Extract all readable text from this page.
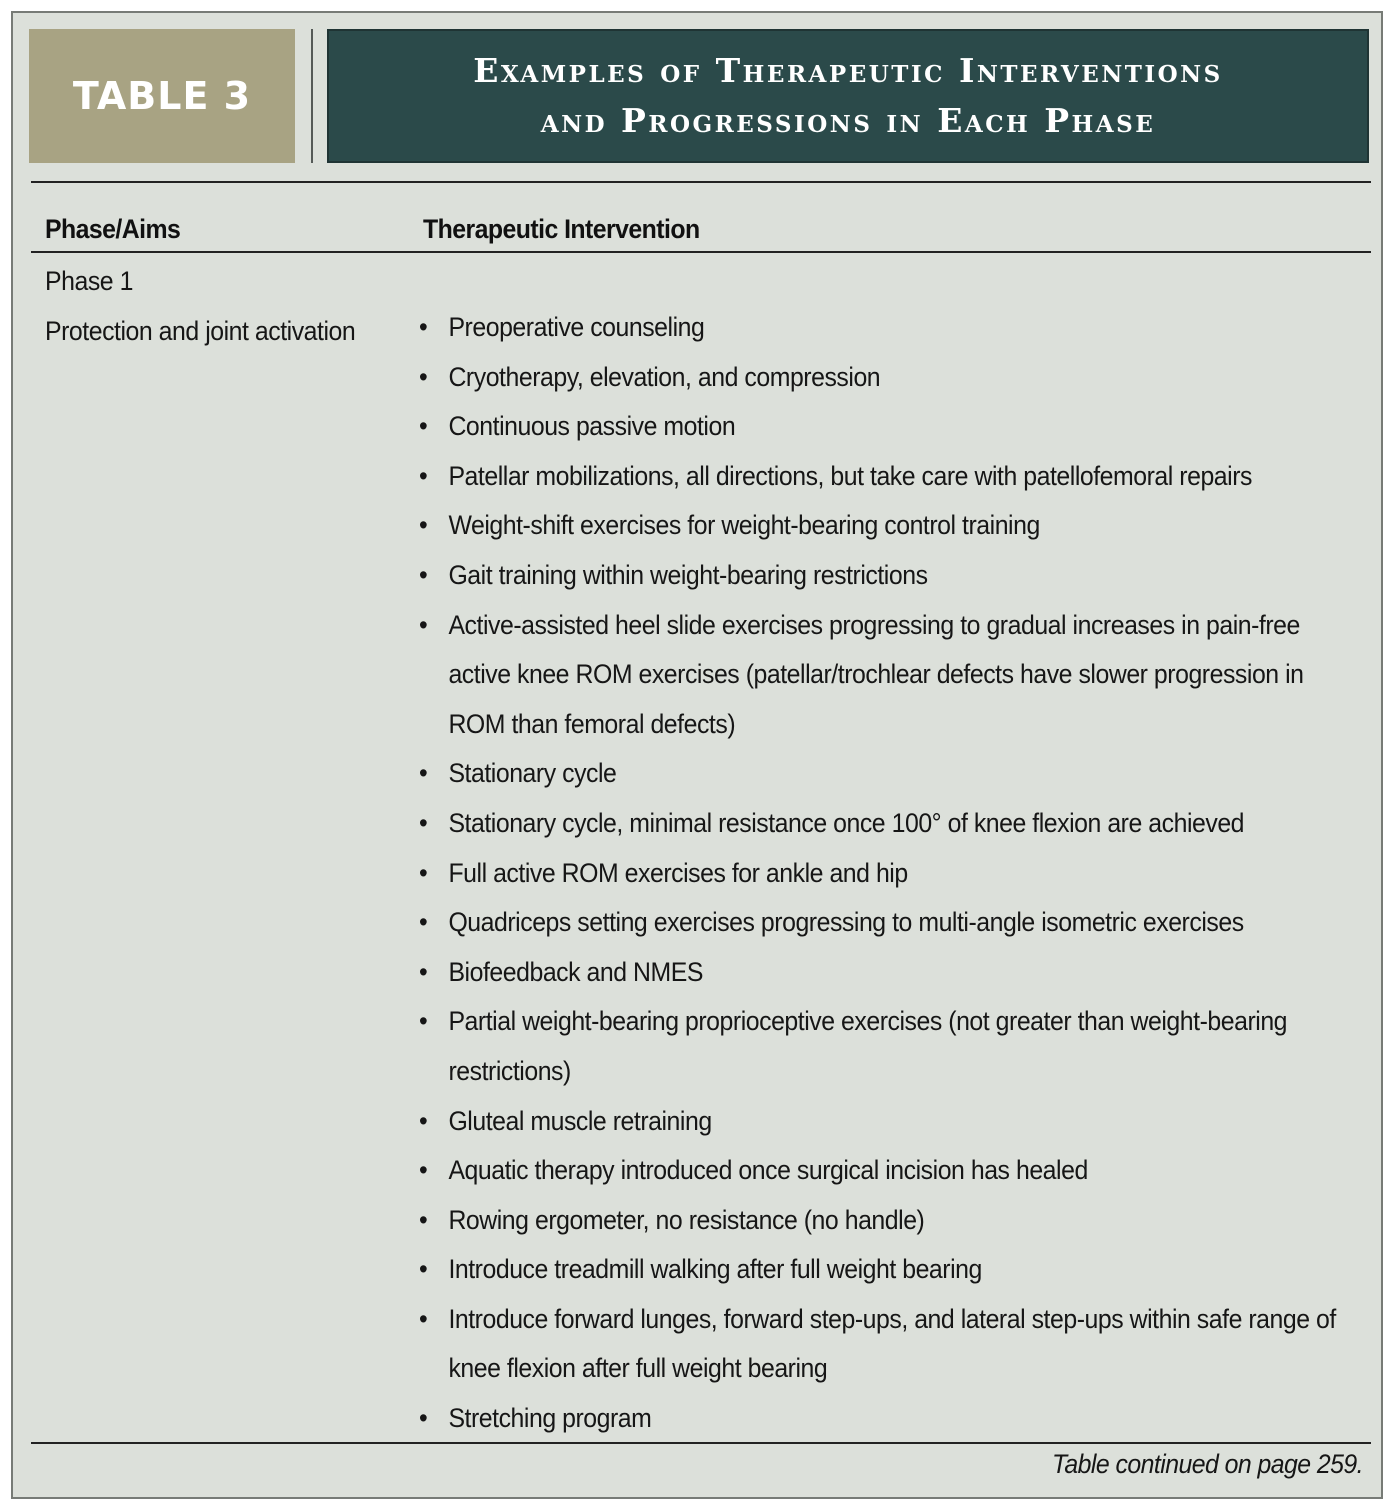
TABLE 3
Examples of Therapeutic Interventions
and Progressions in Each Phase
Phase/Aims	Therapeutic Intervention
Phase 1
Protection and joint activation • Preoperative counseling
• Cryotherapy, elevation, and compression
• Continuous passive motion
• Patellar mobilizations, all directions, but take care with patellofemoral repairs
• Weight-shift exercises for weight-bearing control training
• Gait training within weight-bearing restrictions
• Active-assisted heel slide exercises progressing to gradual increases in pain-free active knee ROM exercises (patellar/trochlear defects have slower progression in ROM than femoral defects)
• Stationary cycle
• Stationary cycle, minimal resistance once 100° of knee flexion are achieved
• Full active ROM exercises for ankle and hip
• Quadriceps setting exercises progressing to multi-angle isometric exercises
• Biofeedback and NMES
• Partial weight-bearing proprioceptive exercises (not greater than weight-bearing restrictions)
• Gluteal muscle retraining
• Aquatic therapy introduced once surgical incision has healed
• Rowing ergometer, no resistance (no handle)
• Introduce treadmill walking after full weight bearing
• Introduce forward lunges, forward step-ups, and lateral step-ups within safe range of knee flexion after full weight bearing
• Stretching program
Table continued on page 259.
